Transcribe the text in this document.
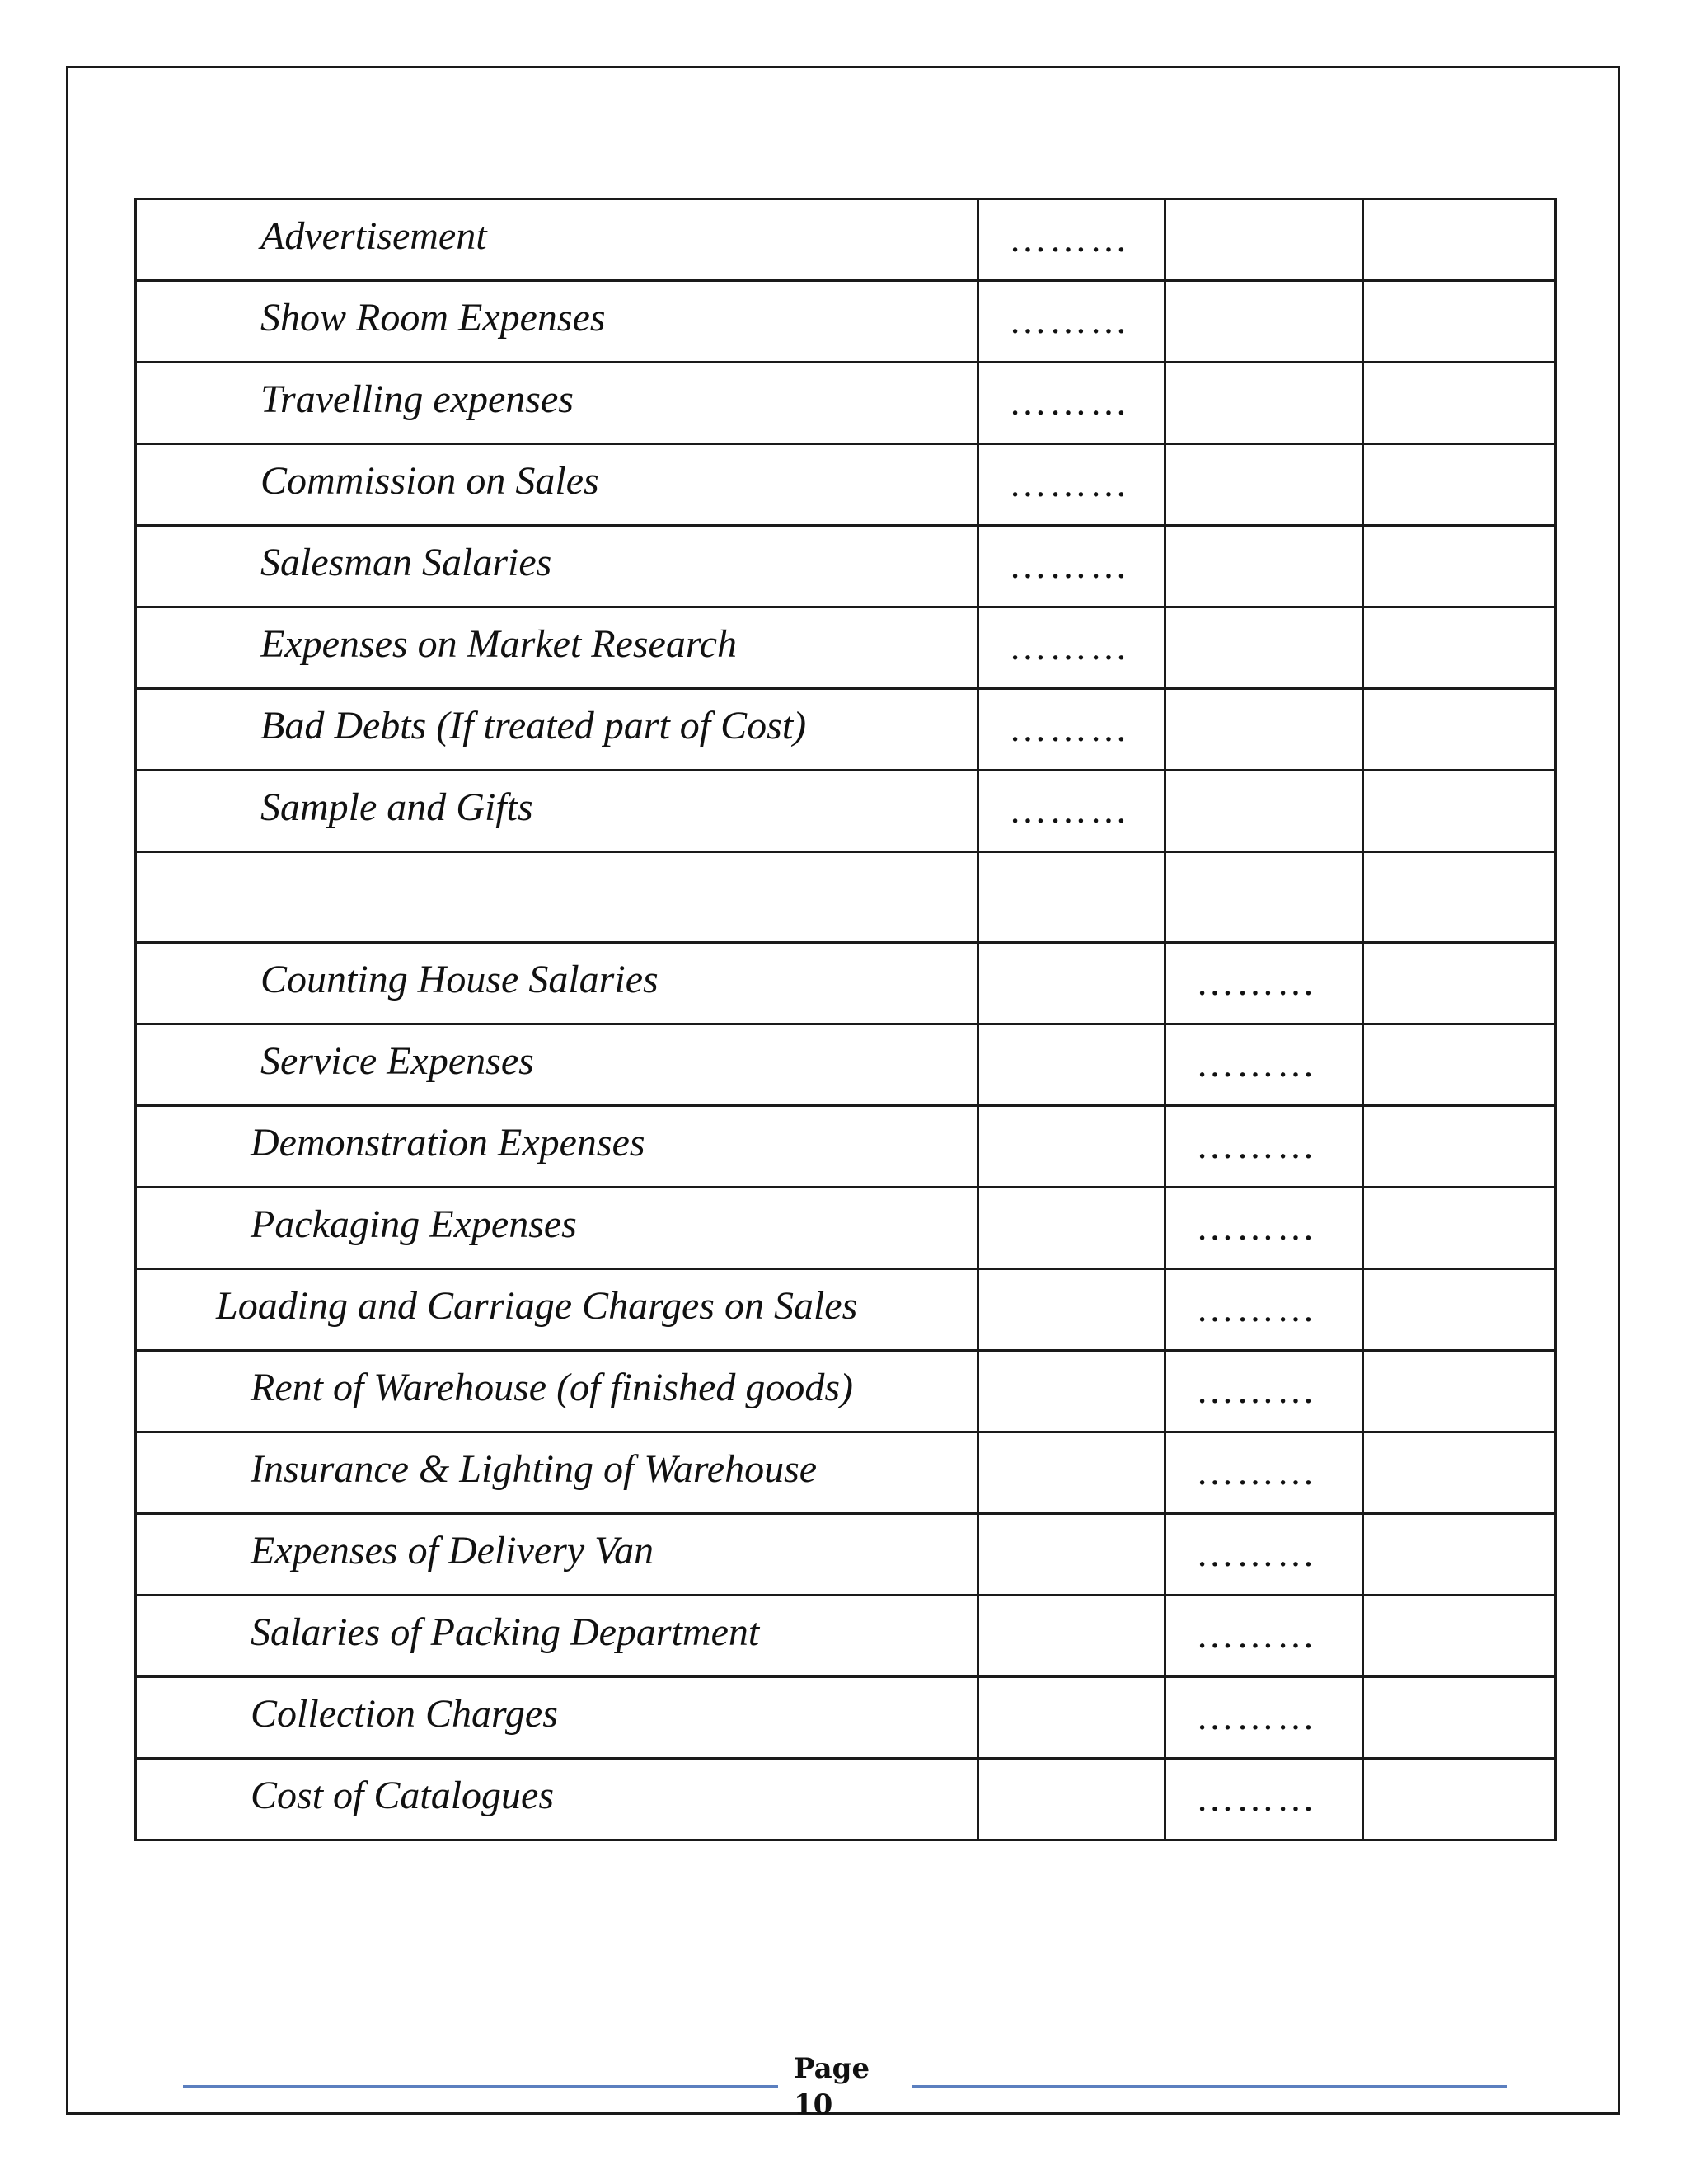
Advertisement	………		

Show Room Expenses	………		

Travelling expenses	………		

Commission on Sales	………		

Salesman Salaries	………		

Expenses on Market Research	………		

Bad Debts (If treated part of Cost)	………		

Sample and Gifts	………		

Counting House Salaries		………	

Service Expenses		………	

Demonstration Expenses		………	

Packaging Expenses		………	

Loading and Carriage Charges on Sales		………	

Rent of Warehouse (of finished goods)		………	

Insurance & Lighting of Warehouse		………	

Expenses of Delivery Van		………	

Salaries of Packing Department		………	

Collection Charges		………	

Cost of Catalogues		………	

Page
10
